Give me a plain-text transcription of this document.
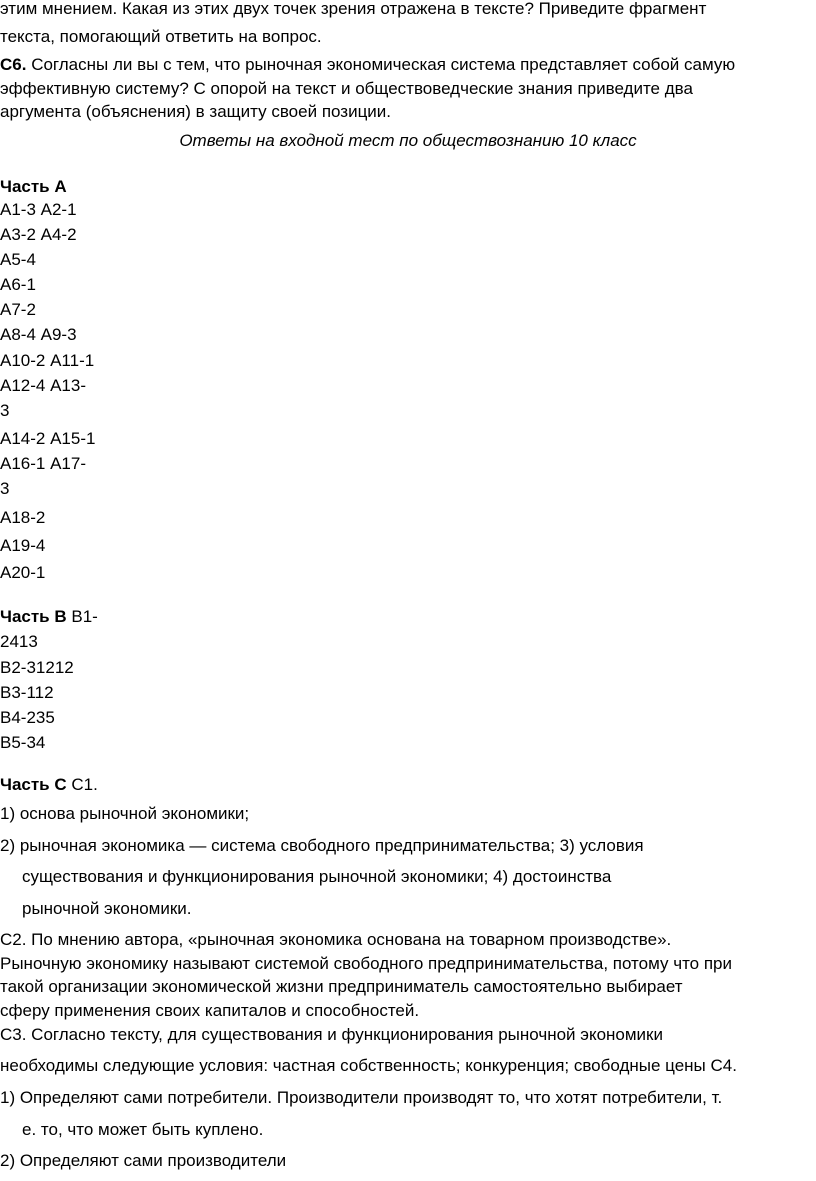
этим мнением. Какая из этих двух точек зрения отражена в тексте? Приведите фрагмент
текста, помогающий ответить на вопрос.
С6. Согласны ли вы с тем, что рыночная экономическая система представляет собой самую
эффективную систему? С опорой на текст и обществоведческие знания приведите два
аргумента (объяснения) в защиту своей позиции.
Ответы на входной тест по обществознанию 10 класс
Часть А
А1-3 А2-1
А3-2 А4-2
А5-4
А6-1
А7-2
А8-4 А9-3
А10-2 А11-1
А12-4 А13-
3
А14-2 А15-1
А16-1 А17-
3
А18-2
А19-4
А20-1
Часть В В1-
2413
В2-31212
В3-112
В4-235
В5-34
Часть С С1.
1) основа рыночной экономики;
2) рыночная экономика — система свободного предпринимательства; 3) условия
существования и функционирования рыночной экономики; 4) достоинства
рыночной экономики.
С2. По мнению автора, «рыночная экономика основана на товарном производстве».
Рыночную экономику называют системой свободного предпринимательства, потому что при
такой организации экономической жизни предприниматель самостоятельно выбирает
сферу применения своих капиталов и способностей.
С3. Согласно тексту, для существования и функционирования рыночной экономики
необходимы следующие условия: частная собственность; конкуренция; свободные цены С4.
1) Определяют сами потребители. Производители производят то, что хотят потребители, т.
е. то, что может быть куплено.
2) Определяют сами производители
